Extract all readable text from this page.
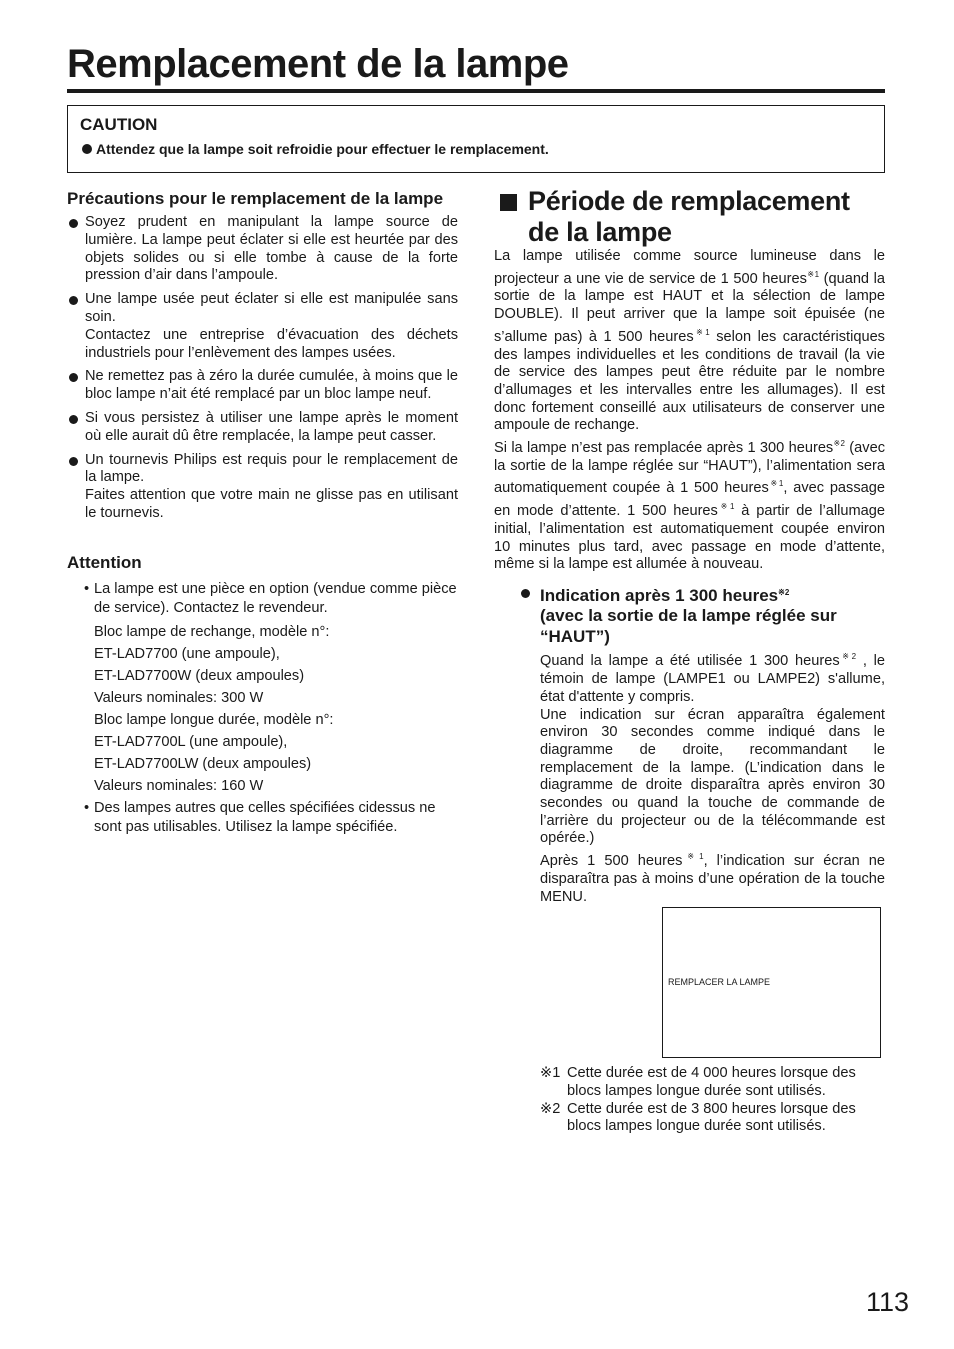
Remplacement de la lampe
CAUTION
Attendez que la lampe soit refroidie pour effectuer le remplacement.
Précautions pour le remplacement de la lampe
Soyez prudent en manipulant la lampe source de lumière. La lampe peut éclater si elle est heurtée par des objets solides ou si elle tombe à cause de la forte pression d’air dans l’ampoule.
Une lampe usée peut éclater si elle est manipulée sans soin.
Contactez une entreprise d’évacuation des déchets industriels pour l’enlèvement des lampes usées.
Ne remettez pas à zéro la durée cumulée, à moins que le bloc lampe n’ait été remplacé par un bloc lampe neuf.
Si vous persistez à utiliser une lampe après le moment où elle aurait dû être remplacée, la lampe peut casser.
Un tournevis Philips est requis pour le remplacement de la lampe.
Faites attention que votre main ne glisse pas en utilisant le tournevis.
Attention
• La lampe est une pièce en option (vendue comme pièce de service). Contactez le revendeur.
Bloc lampe de rechange, modèle n°:
ET-LAD7700 (une ampoule),
ET-LAD7700W (deux ampoules)
Valeurs nominales: 300 W
Bloc lampe longue durée, modèle n°:
ET-LAD7700L (une ampoule),
ET-LAD7700LW (deux ampoules)
Valeurs nominales: 160 W
• Des lampes autres que celles spécifiées cidessus ne sont pas utilisables. Utilisez la lampe spécifiée.
Période de remplacement de la lampe

La lampe utilisée comme source lumineuse dans le projecteur a une vie de service de 1 500 heures$^{※1}$ (quand la sortie de la lampe est HAUT et la sélection de lampe DOUBLE). Il peut arriver que la lampe soit épuisée (ne s’allume pas) à 1 500 heures$^{※1}$ selon les caractéristiques des lampes individuelles et les conditions de travail (la vie de service des lampes peut être réduite par le nombre d’allumages et les intervalles entre les allumages). Il est donc fortement conseillé aux utilisateurs de conserver une ampoule de rechange.

Si la lampe n’est pas remplacée après 1 300 heures$^{※2}$ (avec la sortie de la lampe réglée sur “HAUT”), l’alimentation sera automatiquement coupée à 1 500 heures$^{※1}$, avec passage en mode d’attente. 1 500 heures$^{※1}$ à partir de l’allumage initial, l’alimentation est automatiquement coupée environ 10 minutes plus tard, avec passage en mode d’attente, même si la lampe est allumée à nouveau.

Indication après 1 300 heures$^{※2}$
(avec la sortie de la lampe réglée sur “HAUT”)

Quand la lampe a été utilisée 1 300 heures$^{※2}$ , le témoin de lampe (LAMPE1 ou LAMPE2) s'allume, état d'attente y compris.

Une indication sur écran apparaîtra également environ 30 secondes comme indiqué dans le diagramme de droite, recommandant le remplacement de la lampe. (L’indication dans le diagramme de droite disparaîtra après environ 30 secondes ou quand la touche de commande de l’arrière du projecteur ou de la télécommande est opérée.)

Après 1 500 heures$^{※1}$, l’indication sur écran ne disparaîtra pas à moins d’une opération de la touche MENU.

REMPLACER LA LAMPE

※1 Cette durée est de 4 000 heures lorsque des blocs lampes longue durée sont utilisés.

※2 Cette durée est de 3 800 heures lorsque des blocs lampes longue durée sont utilisés.

113
